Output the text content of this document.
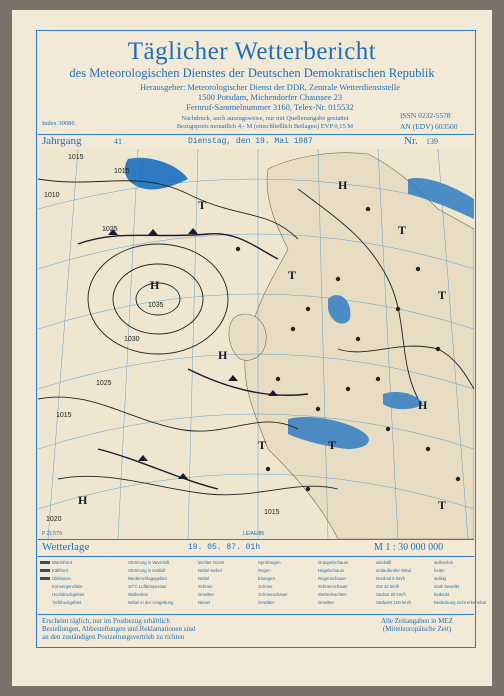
Täglicher Wetterbericht
des Meteorologischen Dienstes der Deutschen Demokratischen Republik
Herausgeber: Meteorologischer Dienst der DDR, Zentrale Wetterdienststelle
1500 Potsdam, Michendorfer Chaussee 23
Fernruf-Sammelnummer 3160, Telex-Nr. 015532
Index 30086
Nachdruck, auch auszugsweise, nur mit Quellenangabe gestattet
Bezugspreis monatlich 4,- M (einschließlich Beilagen) EVP 0,15 M
ISSN 0232-5578
AN (EDV) 603500
Jahrgang	41	Dienstag, den 19. Mai 1987	Nr. 139
1015
1010
1015
1025
1035
1030
1025
1015
1020
1015
H
H
H
H
H
T
T
T
T
T
T
T
P 217/79	LE/AE/85
Wetterlage	19. 05. 87. 01h	M 1 : 30 000 000
Warmfront
Kaltfront
Okklusion
Konvergenzlinie
Hochdruckgebiet
Tiefdruckgebiet
Strömung in Warmluft
Strömung in Kaltluft
Niederschlagsgebiet
10°C Lufttemperatur
Wolkenlos
Nebel in der Umgebung
leichter Dunst
Nebel Nebel
Nebel
Schnee
Gewitter
Niesel
Sprühregen
Regen
Eisregen
Schnee
Schneeschauer
Gewitter
Graupelschauer
Hagelschauer
Regenschauer
Schneeschauer
Wetterleuchten
Gewitter
windstill
umlaufender Wind
Nordost 5 km/h
Ost 10 km/h
Südost 20 km/h
Südwest 100 km/h
wolkenlos
heiter
wolkig
stark bewölkt
bedeckt
Bedeckung nicht erkennbar
Erscheint täglich, nur im Postbezug erhältlich
Bestellungen, Abbestellungen und Reklamationen sind
an den zuständigen Postzeitungsvertrieb zu richten
Alle Zeitangaben in MEZ
(Mitteleuropäische Zeit)
